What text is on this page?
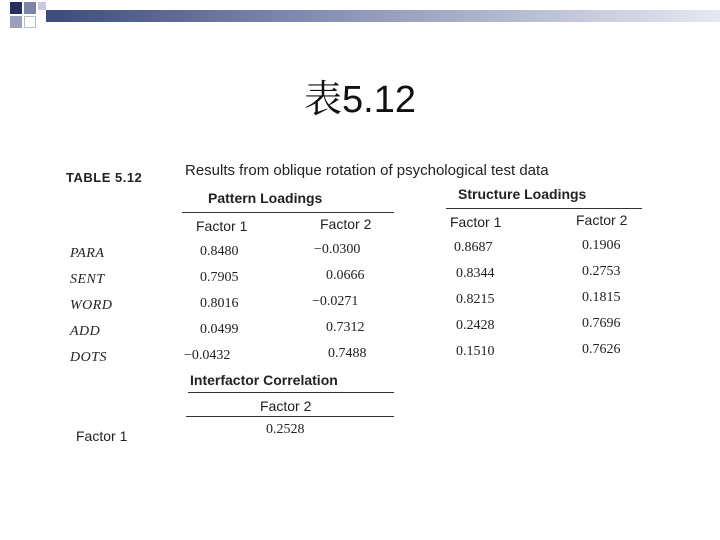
表5.12
TABLE 5.12	Results from oblique rotation of psychological test data
Pattern Loadings	Structure Loadings
Factor 1	Factor 2	Factor 1	Factor 2
PARA	0.8480	−0.0300	0.8687	0.1906
SENT	0.7905	0.0666	0.8344	0.2753
WORD	0.8016	−0.0271	0.8215	0.1815
ADD	0.0499	0.7312	0.2428	0.7696
DOTS	−0.0432	0.7488	0.1510	0.7626
Interfactor Correlation
Factor 2
Factor 1	0.2528
